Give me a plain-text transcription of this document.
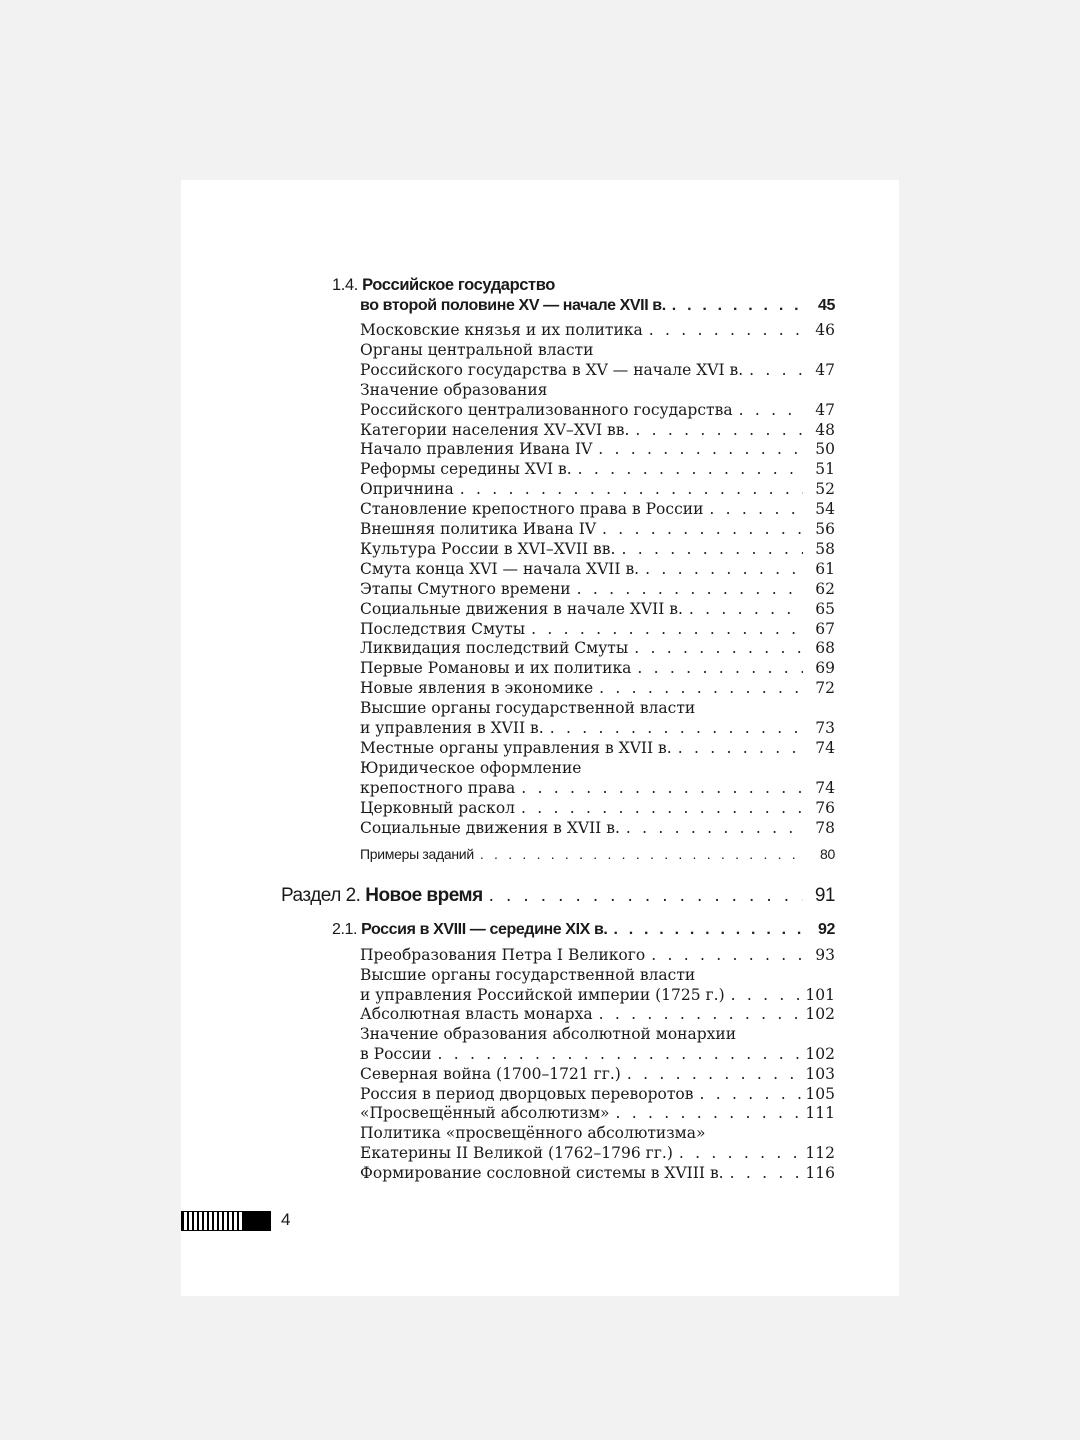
1.4. Российское государство
во второй половине XV — начале XVII в. . . .	45
Московские князья и их политика . . .	46
Органы центральной власти
Российского государства в XV — начале XVI в. . . .	47
Значение образования
Российского централизованного государства . . .	47
Категории населения XV–XVI вв. . . .	48
Начало правления Ивана IV . . .	50
Реформы середины XVI в. . . .	51
Опричнина . . .	52
Становление крепостного права в России . . .	54
Внешняя политика Ивана IV . . .	56
Культура России в XVI–XVII вв. . . .	58
Смута конца XVI — начала XVII в. . . .	61
Этапы Смутного времени . . .	62
Социальные движения в начале XVII в. . . .	65
Последствия Смуты . . .	67
Ликвидация последствий Смуты . . .	68
Первые Романовы и их политика . . .	69
Новые явления в экономике . . .	72
Высшие органы государственной власти
и управления в XVII в. . . .	73
Местные органы управления в XVII в. . . .	74
Юридическое оформление
крепостного права . . .	74
Церковный раскол . . .	76
Социальные движения в XVII в. . . .	78
Примеры заданий . . .	80
Раздел 2. Новое время . . .	91
2.1. Россия в XVIII — середине XIX в. . . .	92
Преобразования Петра I Великого . . .	93
Высшие органы государственной власти
и управления Российской империи (1725 г.) . . .	101
Абсолютная власть монарха . . .	102
Значение образования абсолютной монархии
в России . . .	102
Северная война (1700–1721 гг.) . . .	103
Россия в период дворцовых переворотов . . .	105
«Просвещённый абсолютизм» . . .	111
Политика «просвещённого абсолютизма»
Екатерины II Великой (1762–1796 гг.) . . .	112
Формирование сословной системы в XVIII в. . . .	116
4
